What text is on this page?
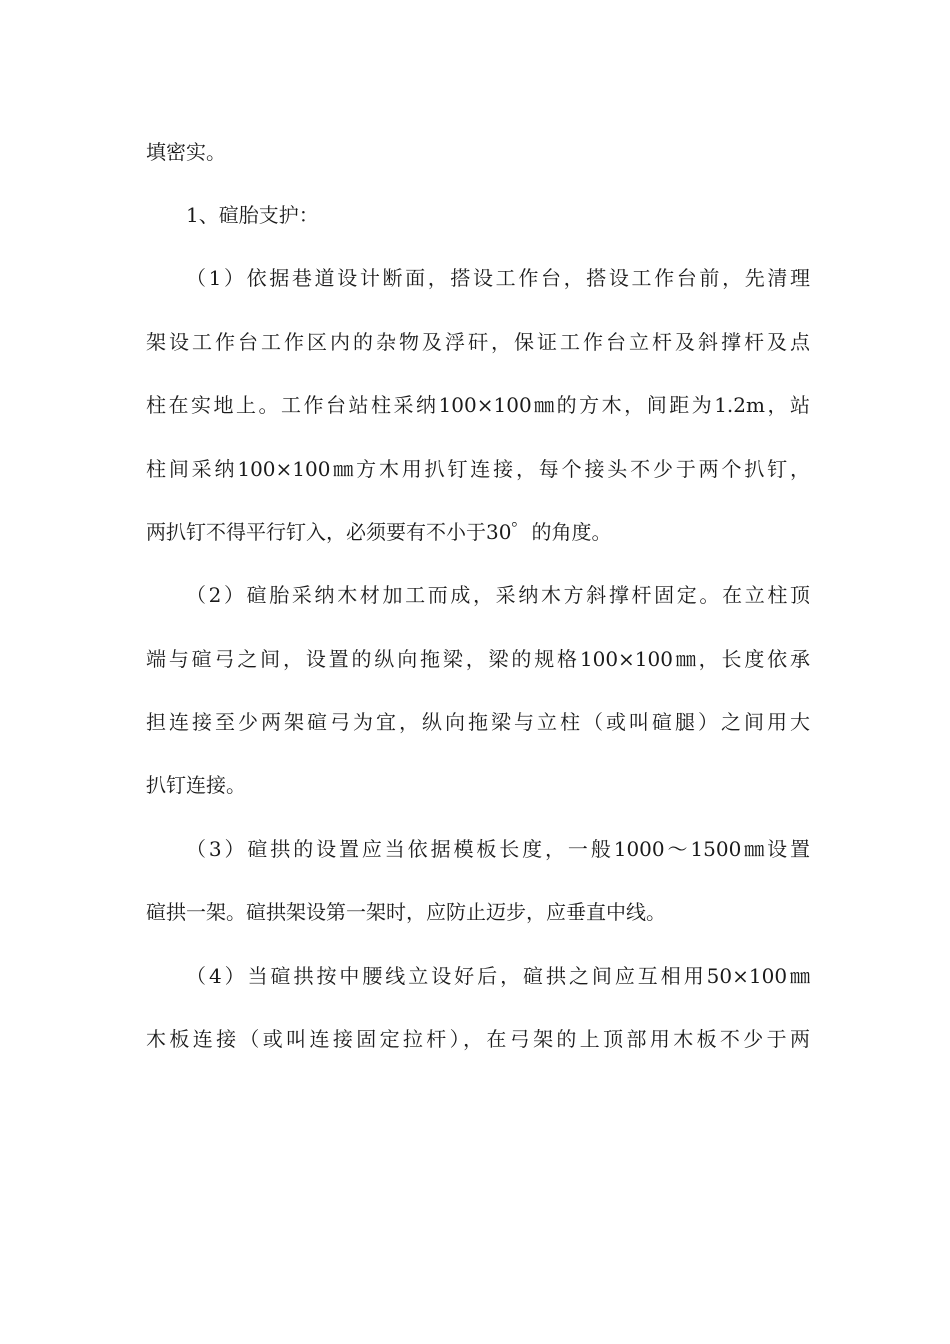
填密实。
1、碹胎支护：
（1）依据巷道设计断面，搭设工作台，搭设工作台前，先清理
架设工作台工作区内的杂物及浮矸，保证工作台立杆及斜撑杆及点
柱在实地上。工作台站柱采纳100×100㎜的方木，间距为1.2m，站
柱间采纳100×100㎜方木用扒钉连接，每个接头不少于两个扒钉，
两扒钉不得平行钉入，必须要有不小于30゜的角度。
（2）碹胎采纳木材加工而成，采纳木方斜撑杆固定。在立柱顶
端与碹弓之间，设置的纵向拖梁，梁的规格100×100㎜，长度依承
担连接至少两架碹弓为宜，纵向拖梁与立柱（或叫碹腿）之间用大
扒钉连接。
（3）碹拱的设置应当依据模板长度，一般1000～1500㎜设置
碹拱一架。碹拱架设第一架时，应防止迈步，应垂直中线。
（4）当碹拱按中腰线立设好后，碹拱之间应互相用50×100㎜
木板连接（或叫连接固定拉杆），在弓架的上顶部用木板不少于两
